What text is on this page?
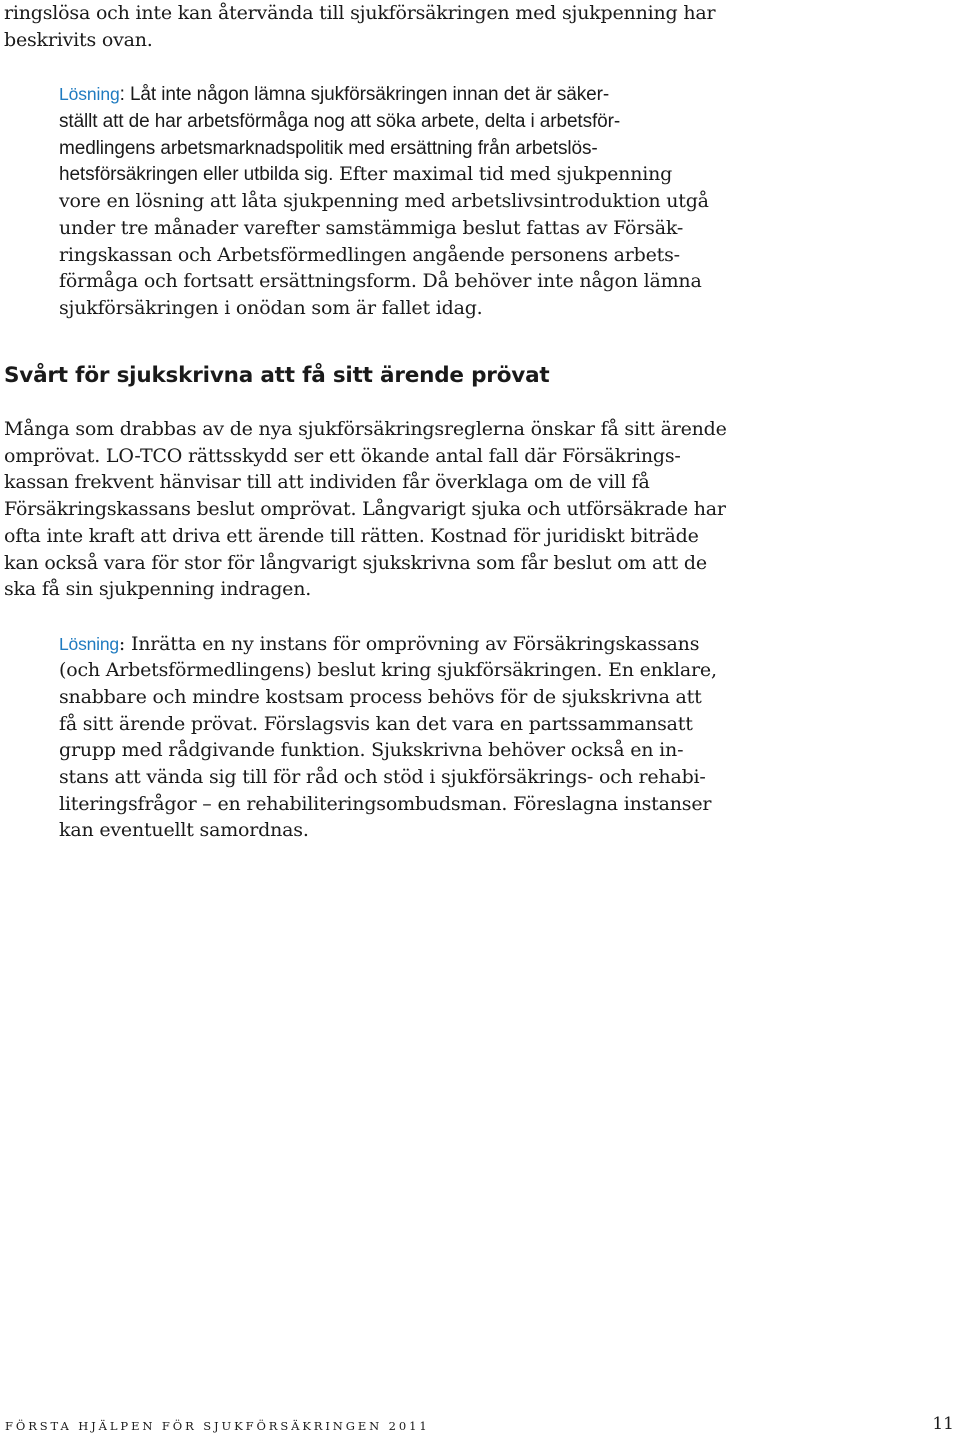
ringslösa och inte kan återvända till sjukförsäkringen med sjukpenning har
beskrivits ovan.
Lösning: Låt inte någon lämna sjukförsäkringen innan det är säker-
ställt att de har arbetsförmåga nog att söka arbete, delta i arbetsför-
medlingens arbetsmarknadspolitik med ersättning från arbetslös-
hetsförsäkringen eller utbilda sig. Efter maximal tid med sjukpenning
vore en lösning att låta sjukpenning med arbetslivsintroduktion utgå
under tre månader varefter samstämmiga beslut fattas av Försäk-
ringskassan och Arbetsförmedlingen angående personens arbets-
förmåga och fortsatt ersättningsform. Då behöver inte någon lämna
sjukförsäkringen i onödan som är fallet idag.
Svårt för sjukskrivna att få sitt ärende prövat
Många som drabbas av de nya sjukförsäkringsreglerna önskar få sitt ärende
omprövat. LO-TCO rättsskydd ser ett ökande antal fall där Försäkrings-
kassan frekvent hänvisar till att individen får överklaga om de vill få
Försäkringskassans beslut omprövat. Långvarigt sjuka och utförsäkrade har
ofta inte kraft att driva ett ärende till rätten. Kostnad för juridiskt biträde
kan också vara för stor för långvarigt sjukskrivna som får beslut om att de
ska få sin sjukpenning indragen.
Lösning: Inrätta en ny instans för omprövning av Försäkringskassans
(och Arbetsförmedlingens) beslut kring sjukförsäkringen. En enklare,
snabbare och mindre kostsam process behövs för de sjukskrivna att
få sitt ärende prövat. Förslagsvis kan det vara en partssammansatt
grupp med rådgivande funktion. Sjukskrivna behöver också en in-
stans att vända sig till för råd och stöd i sjukförsäkrings- och rehabi-
literingsfrågor – en rehabiliteringsombudsman. Föreslagna instanser
kan eventuellt samordnas.
FÖRSTA HJÄLPEN FÖR SJUKFÖRSÄKRINGEN 2011	11
